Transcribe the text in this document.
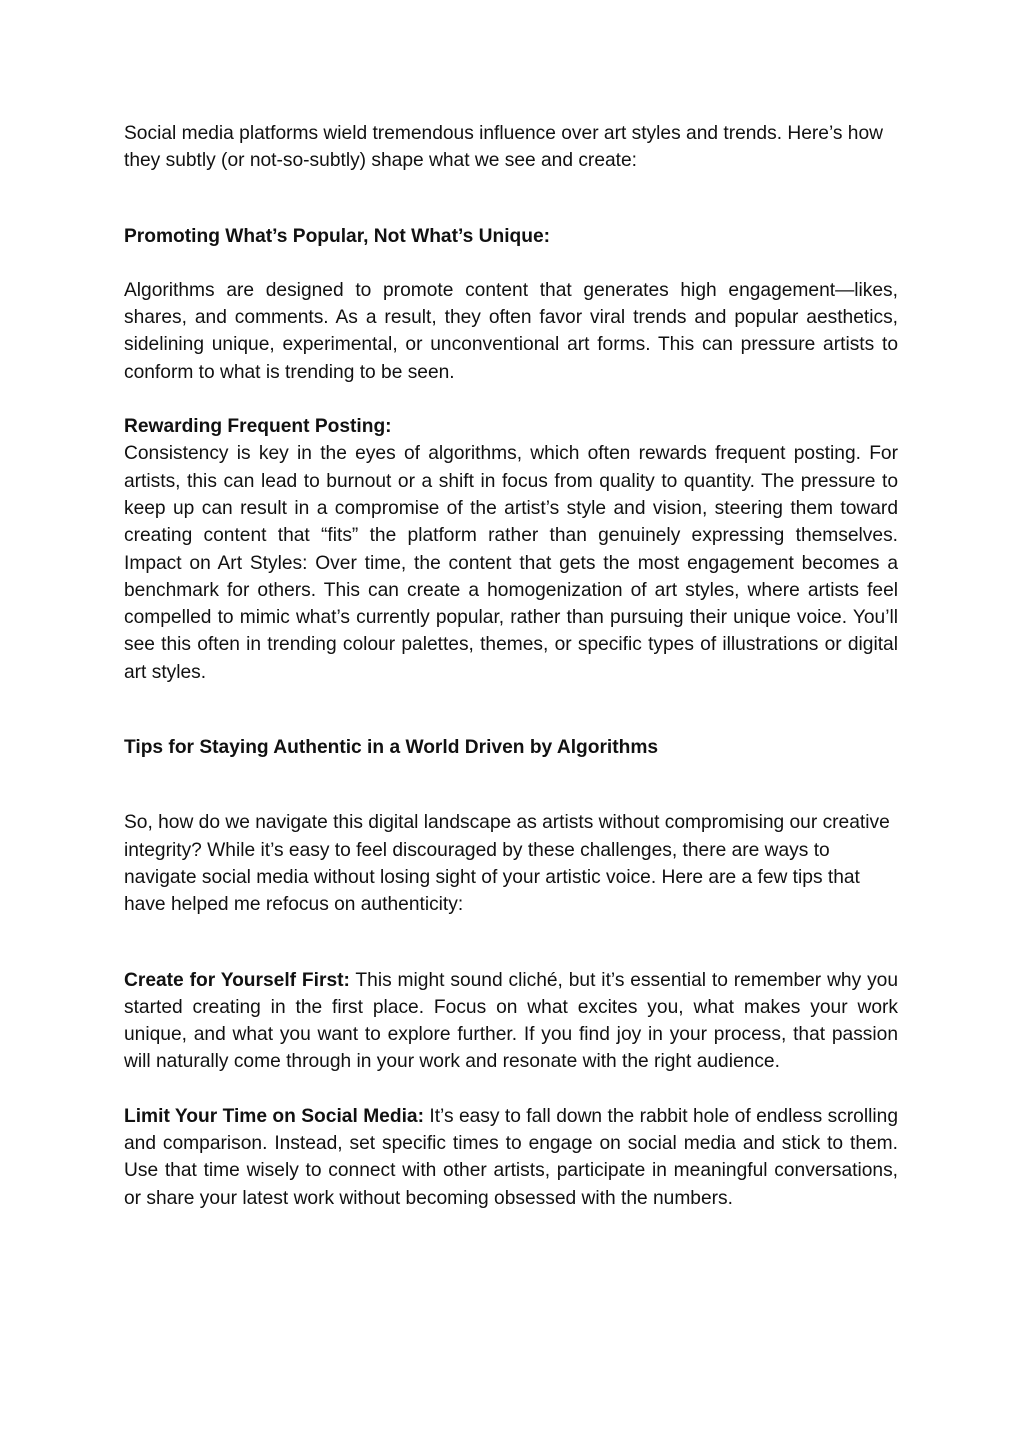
Social media platforms wield tremendous influence over art styles and trends. Here’s how they subtly (or not-so-subtly) shape what we see and create:

Promoting What’s Popular, Not What’s Unique:

Algorithms are designed to promote content that generates high engagement—likes, shares, and comments. As a result, they often favor viral trends and popular aesthetics, sidelining unique, experimental, or unconventional art forms. This can pressure artists to conform to what is trending to be seen.

Rewarding Frequent Posting:

Consistency is key in the eyes of algorithms, which often rewards frequent posting. For artists, this can lead to burnout or a shift in focus from quality to quantity. The pressure to keep up can result in a compromise of the artist’s style and vision, steering them toward creating content that “fits” the platform rather than genuinely expressing themselves. Impact on Art Styles: Over time, the content that gets the most engagement becomes a benchmark for others. This can create a homogenization of art styles, where artists feel compelled to mimic what’s currently popular, rather than pursuing their unique voice. You’ll see this often in trending colour palettes, themes, or specific types of illustrations or digital art styles.

Tips for Staying Authentic in a World Driven by Algorithms

So, how do we navigate this digital landscape as artists without compromising our creative integrity? While it’s easy to feel discouraged by these challenges, there are ways to navigate social media without losing sight of your artistic voice. Here are a few tips that have helped me refocus on authenticity:

Create for Yourself First: This might sound cliché, but it’s essential to remember why you started creating in the first place. Focus on what excites you, what makes your work unique, and what you want to explore further. If you find joy in your process, that passion will naturally come through in your work and resonate with the right audience.

Limit Your Time on Social Media: It’s easy to fall down the rabbit hole of endless scrolling and comparison. Instead, set specific times to engage on social media and stick to them. Use that time wisely to connect with other artists, participate in meaningful conversations, or share your latest work without becoming obsessed with the numbers.
